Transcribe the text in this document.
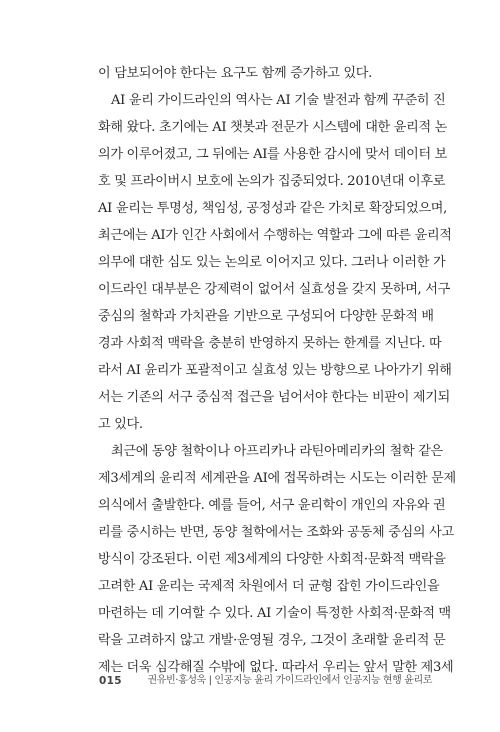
이 담보되어야 한다는 요구도 함께 증가하고 있다.
AI 윤리 가이드라인의 역사는 AI 기술 발전과 함께 꾸준히 진
화해 왔다. 초기에는 AI 챗봇과 전문가 시스템에 대한 윤리적 논
의가 이루어졌고, 그 뒤에는 AI를 사용한 감시에 맞서 데이터 보
호 및 프라이버시 보호에 논의가 집중되었다. 2010년대 이후로
AI 윤리는 투명성, 책임성, 공정성과 같은 가치로 확장되었으며,
최근에는 AI가 인간 사회에서 수행하는 역할과 그에 따른 윤리적
의무에 대한 심도 있는 논의로 이어지고 있다. 그러나 이러한 가
이드라인 대부분은 강제력이 없어서 실효성을 갖지 못하며, 서구
중심의 철학과 가치관을 기반으로 구성되어 다양한 문화적 배
경과 사회적 맥락을 충분히 반영하지 못하는 한계를 지닌다. 따
라서 AI 윤리가 포괄적이고 실효성 있는 방향으로 나아가기 위해
서는 기존의 서구 중심적 접근을 넘어서야 한다는 비판이 제기되
고 있다.
최근에 동양 철학이나 아프리카나 라틴아메리카의 철학 같은
제3세계의 윤리적 세계관을 AI에 접목하려는 시도는 이러한 문제
의식에서 출발한다. 예를 들어, 서구 윤리학이 개인의 자유와 권
리를 중시하는 반면, 동양 철학에서는 조화와 공동체 중심의 사고
방식이 강조된다. 이런 제3세계의 다양한 사회적·문화적 맥락을
고려한 AI 윤리는 국제적 차원에서 더 균형 잡힌 가이드라인을
마련하는 데 기여할 수 있다. AI 기술이 특정한 사회적·문화적 맥
락을 고려하지 않고 개발·운영될 경우, 그것이 초래할 윤리적 문
제는 더욱 심각해질 수밖에 없다. 따라서 우리는 앞서 말한 제3세
015	권유빈·홍성욱 | 인공지능 윤리 가이드라인에서 인공지능 현행 윤리로
